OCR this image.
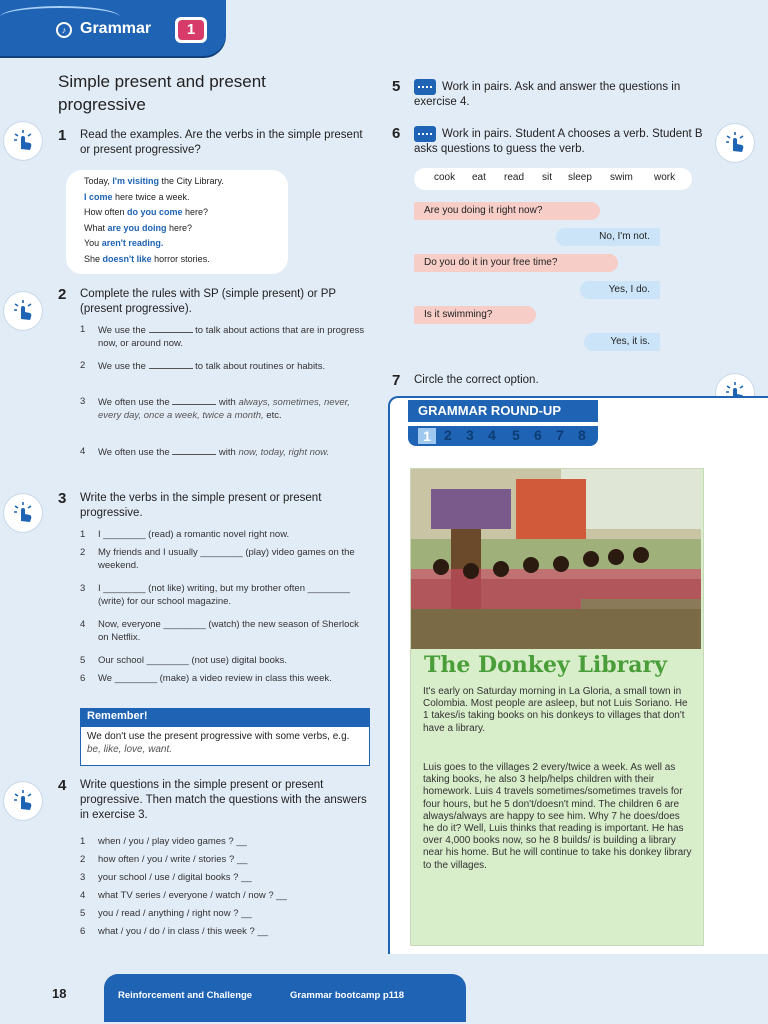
♪ Grammar	1
Simple present and present progressive
1 Read the examples. Are the verbs in the simple present or present progressive?
Today, I'm visiting the City Library.
I come here twice a week.
How often do you come here?
What are you doing here?
You aren't reading.
She doesn't like horror stories.
2 Complete the rules with SP (simple present) or PP (present progressive).
1 We use the	to talk about actions that are in progress now, or around now.
2 We use the	to talk about routines or habits.
3 We often use the	with always, sometimes, never, every day, once a week, twice a month, etc.
4 We often use the	with now, today, right now.
3 Write the verbs in the simple present or present progressive.
1 I ________ (read) a romantic novel right now.
2 My friends and I usually ________ (play) video games on the weekend.
3 I ________ (not like) writing, but my brother often ________ (write) for our school magazine.
4 Now, everyone ________ (watch) the new season of Sherlock on Netflix.
5 Our school ________ (not use) digital books.
6 We ________ (make) a video review in class this week.
Remember!
We don't use the present progressive with some verbs, e.g. be, like, love, want.
4 Write questions in the simple present or present progressive. Then match the questions with the answers in exercise 3.
1 when / you / play video games ? __
2 how often / you / write / stories ? __
3 your school / use / digital books ? __
4 what TV series / everyone / watch / now ? __
5 you / read / anything / right now ? __
6 what / you / do / in class / this week ? __
5	Work in pairs. Ask and answer the questions in exercise 4.
6	Work in pairs. Student A chooses a verb. Student B asks questions to guess the verb.
cook eat read sit sleep swim work
Are you doing it right now?
No, I'm not.
Do you do it in your free time?
Yes, I do.
Is it swimming?
Yes, it is.
7 Circle the correct option.
GRAMMAR ROUND-UP
1 2 3 4 5 6 7 8
The Donkey Library
It's early on Saturday morning in La Gloria, a small town in Colombia. Most people are asleep, but not Luis Soriano. He 1 takes/is taking books on his donkeys to villages that don't have a library.
Luis goes to the villages 2 every/twice a week. As well as taking books, he also 3 help/helps children with their homework. Luis 4 travels sometimes/sometimes travels for four hours, but he 5 don't/doesn't mind. The children 6 are always/always are happy to see him. Why 7 he does/does he do it? Well, Luis thinks that reading is important. He has over 4,000 books now, so he 8 builds/ is building a library near his home. But he will continue to take his donkey library to the villages.
18	Reinforcement and Challenge	Grammar bootcamp p118
